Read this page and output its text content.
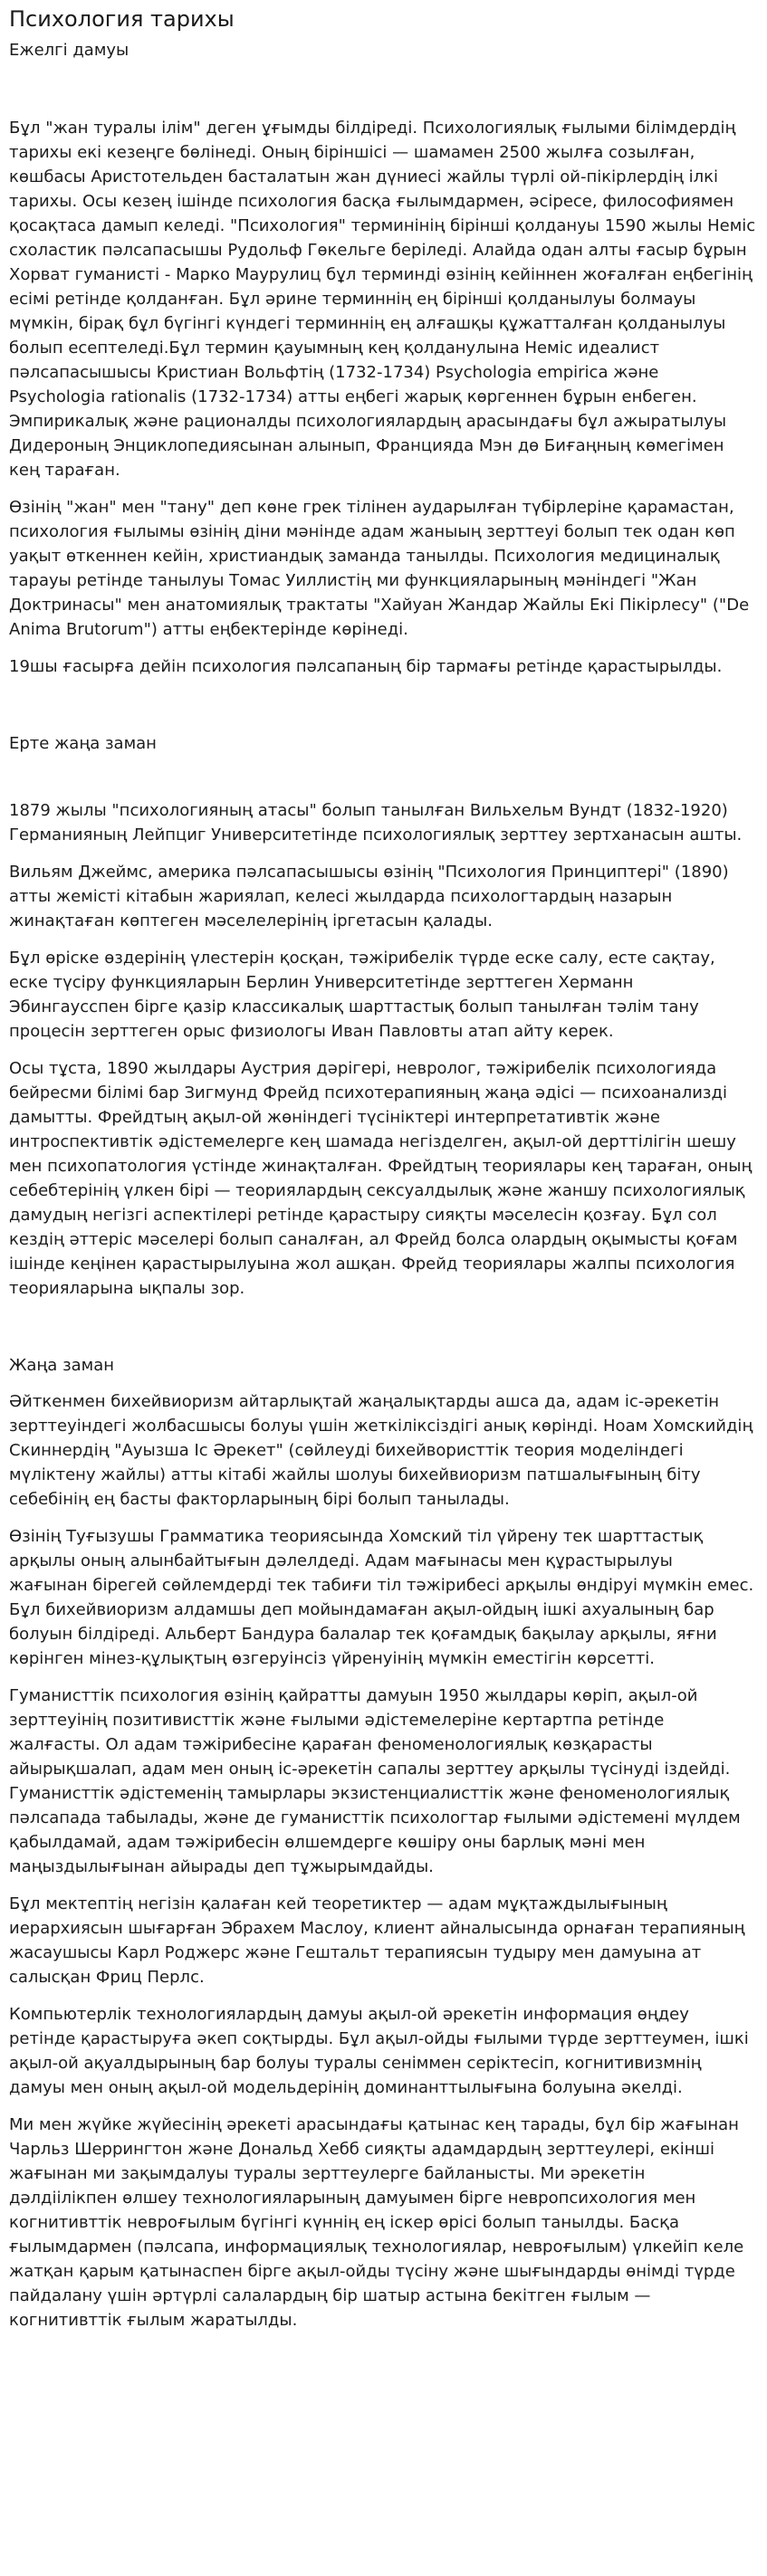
Психология тарихы
Ежелгі дамуы

Бұл "жан туралы ілім" деген ұғымды білдіреді. Психологиялық ғылыми білімдердің тарихы екі кезеңге бөлінеді. Оның біріншісі — шамамен 2500 жылға созылған, көшбасы Аристотельден басталатын жан дүниесі жайлы түрлі ой-пікірлердің ілкі тарихы. Осы кезең ішінде психология басқа ғылымдармен, әсіресе, философиямен қосақтаса дамып келеді. "Психология" терминінің бірінші қолдануы 1590 жылы Неміс схоластик пәлсапасышы Рудольф Гөкельге беріледі. Алайда одан алты ғасыр бұрын Хорват гуманисті - Марко Маурулиц бұл терминді өзінің кейіннен жоғалған еңбегінің есімі ретінде қолданған. Бұл әрине терминнің ең бірінші қолданылуы болмауы мүмкін, бірақ бұл бүгінгі күндегі терминнің ең алғашқы құжатталған қолданылуы болып есептеледі.Бұл термин қауымның кең қолданулына Неміс идеалист пәлсапасышысы Кристиан Вольфтің (1732-1734) Psychologia empirica және Psychologia rationalis (1732-1734) атты еңбегі жарық көргеннен бұрын енбеген. Эмпирикалық және рационалды психологиялардың арасындағы бұл ажыратылуы Дидероның Энциклопедиясынан алынып, Францияда Мэн дө Биғаңның көмегімен кең тараған.

Өзінің "жан" мен "тану" деп көне грек тілінен аударылған түбірлеріне қарамастан, психология ғылымы өзінің діни мәнінде адам жаныың зерттеуі болып тек одан көп уақыт өткеннен кейін, христиандық заманда танылды. Психология медициналық тарауы ретінде танылуы Томас Уиллистің ми функцияларының мәніндегі "Жан Доктринасы" мен анатомиялық трактаты "Хайуан Жандар Жайлы Екі Пікірлесу" ("De Anima Brutorum") атты еңбектерінде көрінеді.

19шы ғасырға дейін психология пәлсапаның бір тармағы ретінде қарастырылды.

Ерте жаңа заман

1879 жылы "психологияның атасы" болып танылған Вильхельм Вундт (1832-1920) Германияның Лейпциг Университетінде психологиялық зерттеу зертханасын ашты.

Вильям Джеймс, америка пәлсапасышысы өзінің "Психология Принциптері" (1890) атты жемісті кітабын жариялап, келесі жылдарда психологтардың назарын жинақтаған көптеген мәселелерінің іргетасын қалады.

Бұл өріске өздерінің үлестерін қосқан, тәжірибелік түрде еске салу, есте сақтау, еске түсіру функцияларын Берлин Университетінде зерттеген Херманн Эбингаусспен бірге қазір классикалық шарттастық болып танылған тәлім тану процесін зерттеген орыс физиологы Иван Павловты атап айту керек.

Осы тұста, 1890 жылдары Аустрия дәрігері, невролог, тәжірибелік психологияда бейресми білімі бар Зигмунд Фрейд психотерапияның жаңа әдісі — психоанализді дамытты. Фрейдтың ақыл-ой жөніндегі түсініктері интерпретативтік және интроспективтік әдістемелерге кең шамада негізделген, ақыл-ой дерттілігін шешу мен психопатология үстінде жинақталған. Фрейдтың теориялары кең тараған, оның себебтерінің үлкен бірі — теориялардың сексуалдылық және жаншу психологиялық дамудың негізгі аспектілері ретінде қарастыру сияқты мәселесін қозғау. Бұл сол кездің әттеріс мәселері болып саналған, ал Фрейд болса олардың оқымысты қоғам ішінде кеңінен қарастырылуына жол ашқан. Фрейд теориялары жалпы психология теорияларына ықпалы зор.

Жаңа заман

Әйткенмен бихейвиоризм айтарлықтай жаңалықтарды ашса да, адам іс-әрекетін зерттеуіндегі жолбасшысы болуы үшін жеткіліксіздігі анық көрінді. Ноам Хомскийдің Скиннердің "Ауызша Іс Әрекет" (сөйлеуді бихейвористтік теория моделіндегі мүліктену жайлы) атты кітабі жайлы шолуы бихейвиоризм патшалығының біту себебінің ең басты факторларының бірі болып танылады.

Өзінің Туғызушы Грамматика теориясында Хомский тіл үйрену тек шарттастық арқылы оның алынбайтығын дәлелдеді. Адам мағынасы мен құрастырылуы жағынан бірегей сөйлемдерді тек табиғи тіл тәжірибесі арқылы өндіруі мүмкін емес. Бұл бихейвиоризм алдамшы деп мойындамаған ақыл-ойдың ішкі ахуалының бар болуын білдіреді. Альберт Бандура балалар тек қоғамдық бақылау арқылы, яғни көрінген мінез-құлықтың өзгеруінсіз үйренуінің мүмкін еместігін көрсетті.

Гуманисттік психология өзінің қайратты дамуын 1950 жылдары көріп, ақыл-ой зерттеуінің позитивисттік және ғылыми әдістемелеріне кертартпа ретінде жалғасты. Ол адам тәжірибесіне қараған феноменологиялық көзқарасты айырықшалап, адам мен оның іс-әрекетін сапалы зерттеу арқылы түсінуді іздейді. Гуманисттік әдістеменің тамырлары экзистенциалисттік және феноменологиялық пәлсапада табылады, және де гуманисттік психологтар ғылыми әдістемені мүлдем қабылдамай, адам тәжірибесін өлшемдерге көшіру оны барлық мәні мен маңыздылығынан айырады деп тұжырымдайды.

Бұл мектептің негізін қалаған кей теоретиктер — адам мұқтаждылығының иерархиясын шығарған Эбрахем Маслоу, клиент айналысында орнаған терапияның жасаушысы Карл Роджерс және Гештальт терапиясын тудыру мен дамуына ат салысқан Фриц Перлс.

Компьютерлік технологиялардың дамуы ақыл-ой әрекетін информация өңдеу ретінде қарастыруға әкеп соқтырды. Бұл ақыл-ойды ғылыми түрде зерттеумен, ішкі ақыл-ой ақуалдырының бар болуы туралы сеніммен серіктесіп, когнитивизмнің дамуы мен оның ақыл-ой модельдерінің доминанттылығына болуына әкелді.

Ми мен жүйке жүйесінің әрекеті арасындағы қатынас кең тарады, бұл бір жағынан Чарльз Шеррингтон және Дональд Хебб сияқты адамдардың зерттеулері, екінші жағынан ми зақымдалуы туралы зерттеулерге байланысты. Ми әрекетін дәлдіілікпен өлшеу технологияларының дамуымен бірге невропсихология мен когнитивттік неврoғылым бүгінгі күннің ең іскер өрісі болып танылды. Басқа ғылымдармен (пәлсапа, информациялық технологиялар, неврoғылым) үлкейіп келе жатқан қарым қатынаспен бірге ақыл-ойды түсіну және шығындарды өнімді түрде пайдалану үшін әртүрлі салалардың бір шатыр астына бекітген ғылым — когнитивттік ғылым жаратылды.
